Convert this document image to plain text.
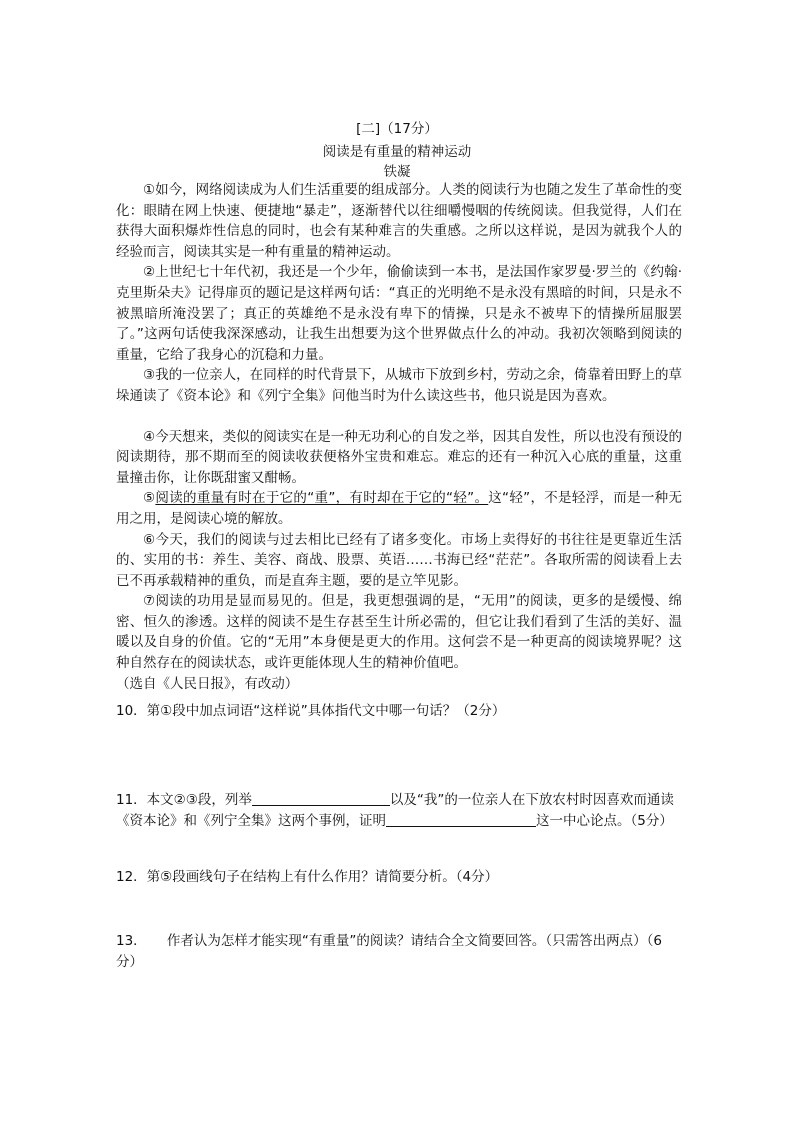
[二]（17分）
阅读是有重量的精神运动
铁凝

①如今，网络阅读成为人们生活重要的组成部分。人类的阅读行为也随之发生了革命性的变化：眼睛在网上快速、便捷地“暴走”，逐渐替代以往细嚼慢咽的传统阅读。但我觉得，人们在获得大面积爆炸性信息的同时，也会有某种难言的失重感。之所以这样说，是因为就我个人的经验而言，阅读其实是一种有重量的精神运动。

②上世纪七十年代初，我还是一个少年，偷偷读到一本书，是法国作家罗曼·罗兰的《约翰·克里斯朵夫》记得扉页的题记是这样两句话：“真正的光明绝不是永没有黑暗的时间，只是永不被黑暗所淹没罢了；真正的英雄绝不是永没有卑下的情操，只是永不被卑下的情操所屈服罢了。”这两句话使我深深感动，让我生出想要为这个世界做点什么的冲动。我初次领略到阅读的重量，它给了我身心的沉稳和力量。

③我的一位亲人，在同样的时代背景下，从城市下放到乡村，劳动之余，倚靠着田野上的草垛通读了《资本论》和《列宁全集》问他当时为什么读这些书，他只说是因为喜欢。

④今天想来，类似的阅读实在是一种无功利心的自发之举，因其自发性，所以也没有预设的阅读期待，那不期而至的阅读收获便格外宝贵和难忘。难忘的还有一种沉入心底的重量，这重量撞击你，让你既甜蜜又酣畅。

⑤阅读的重量有时在于它的“重”，有时却在于它的“轻”。这“轻”，不是轻浮，而是一种无用之用，是阅读心境的解放。

⑥今天，我们的阅读与过去相比已经有了诸多变化。市场上卖得好的书往往是更靠近生活的、实用的书：养生、美容、商战、股票、英语……书海已经“茫茫”。各取所需的阅读看上去已不再承载精神的重负，而是直奔主题，要的是立竿见影。

⑦阅读的功用是显而易见的。但是，我更想强调的是，“无用”的阅读，更多的是缓慢、绵密、恒久的渗透。这样的阅读不是生存甚至生计所必需的，但它让我们看到了生活的美好、温暖以及自身的价值。它的“无用”本身便是更大的作用。这何尝不是一种更高的阅读境界呢？这种自然存在的阅读状态，或许更能体现人生的精神价值吧。

（选自《人民日报》，有改动）

10．第①段中加点词语“这样说”具体指代文中哪一句话？（2分）

11．本文②③段，列举	以及“我”的一位亲人在下放农村时因喜欢而通读《资本论》和《列宁全集》这两个事例，证明	这一中心论点。（5分）

12．第⑤段画线句子在结构上有什么作用？请简要分析。（4分）

13．　　作者认为怎样才能实现“有重量”的阅读？请结合全文简要回答。（只需答出两点）（6分）
